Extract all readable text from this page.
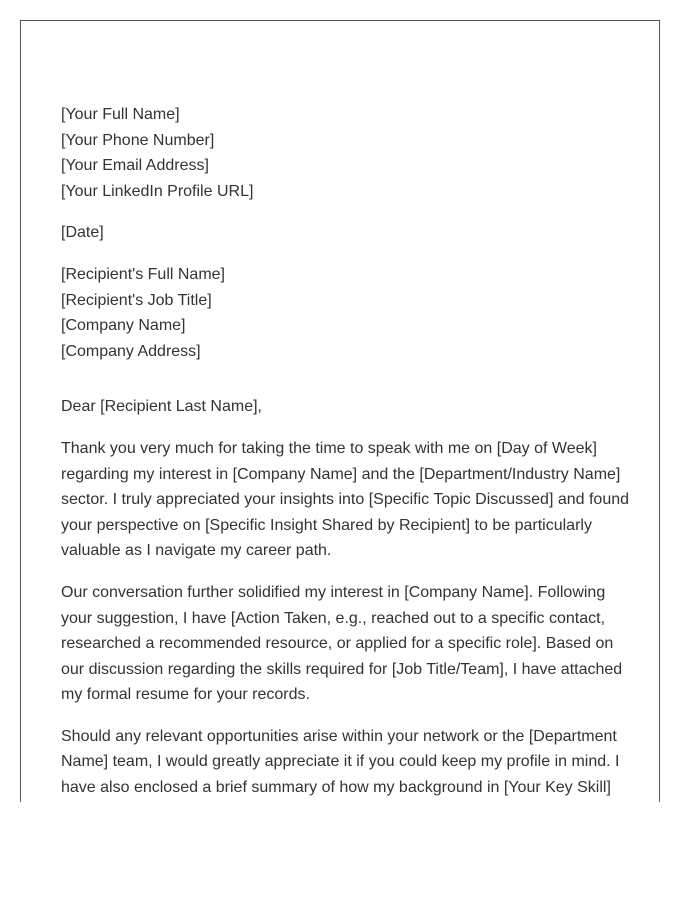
[Your Full Name]
[Your Phone Number]
[Your Email Address]
[Your LinkedIn Profile URL]
[Date]
[Recipient's Full Name]
[Recipient's Job Title]
[Company Name]
[Company Address]

Dear [Recipient Last Name],

Thank you very much for taking the time to speak with me on [Day of Week] regarding my interest in [Company Name] and the [Department/Industry Name] sector. I truly appreciated your insights into [Specific Topic Discussed] and found your perspective on [Specific Insight Shared by Recipient] to be particularly valuable as I navigate my career path.

Our conversation further solidified my interest in [Company Name]. Following your suggestion, I have [Action Taken, e.g., reached out to a specific contact, researched a recommended resource, or applied for a specific role]. Based on our discussion regarding the skills required for [Job Title/Team], I have attached my formal resume for your records.

Should any relevant opportunities arise within your network or the [Department Name] team, I would greatly appreciate it if you could keep my profile in mind. I have also enclosed a brief summary of how my background in [Your Key Skill]
